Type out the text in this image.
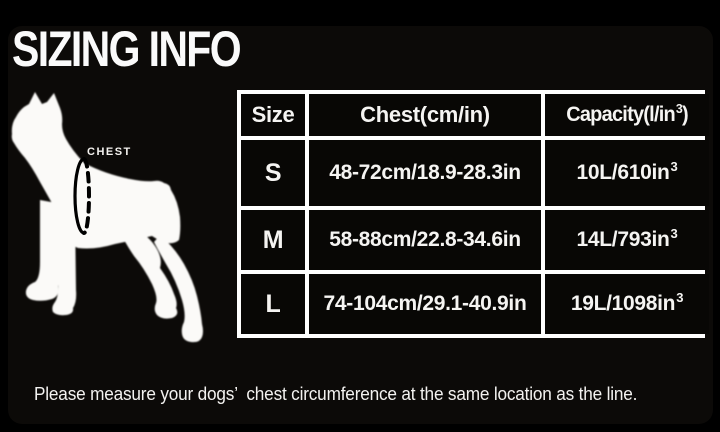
SIZING INFO
CHEST
Size	Chest(cm/in)	Capacity(l/in 3 )
S	48-72cm/18.9-28.3in	10L/610in 3
M	58-88cm/22.8-34.6in	14L/793in 3
L	74-104cm/29.1-40.9in	19L/1098in 3
Please measure your dogs’  chest circumference at the same location as the line.
